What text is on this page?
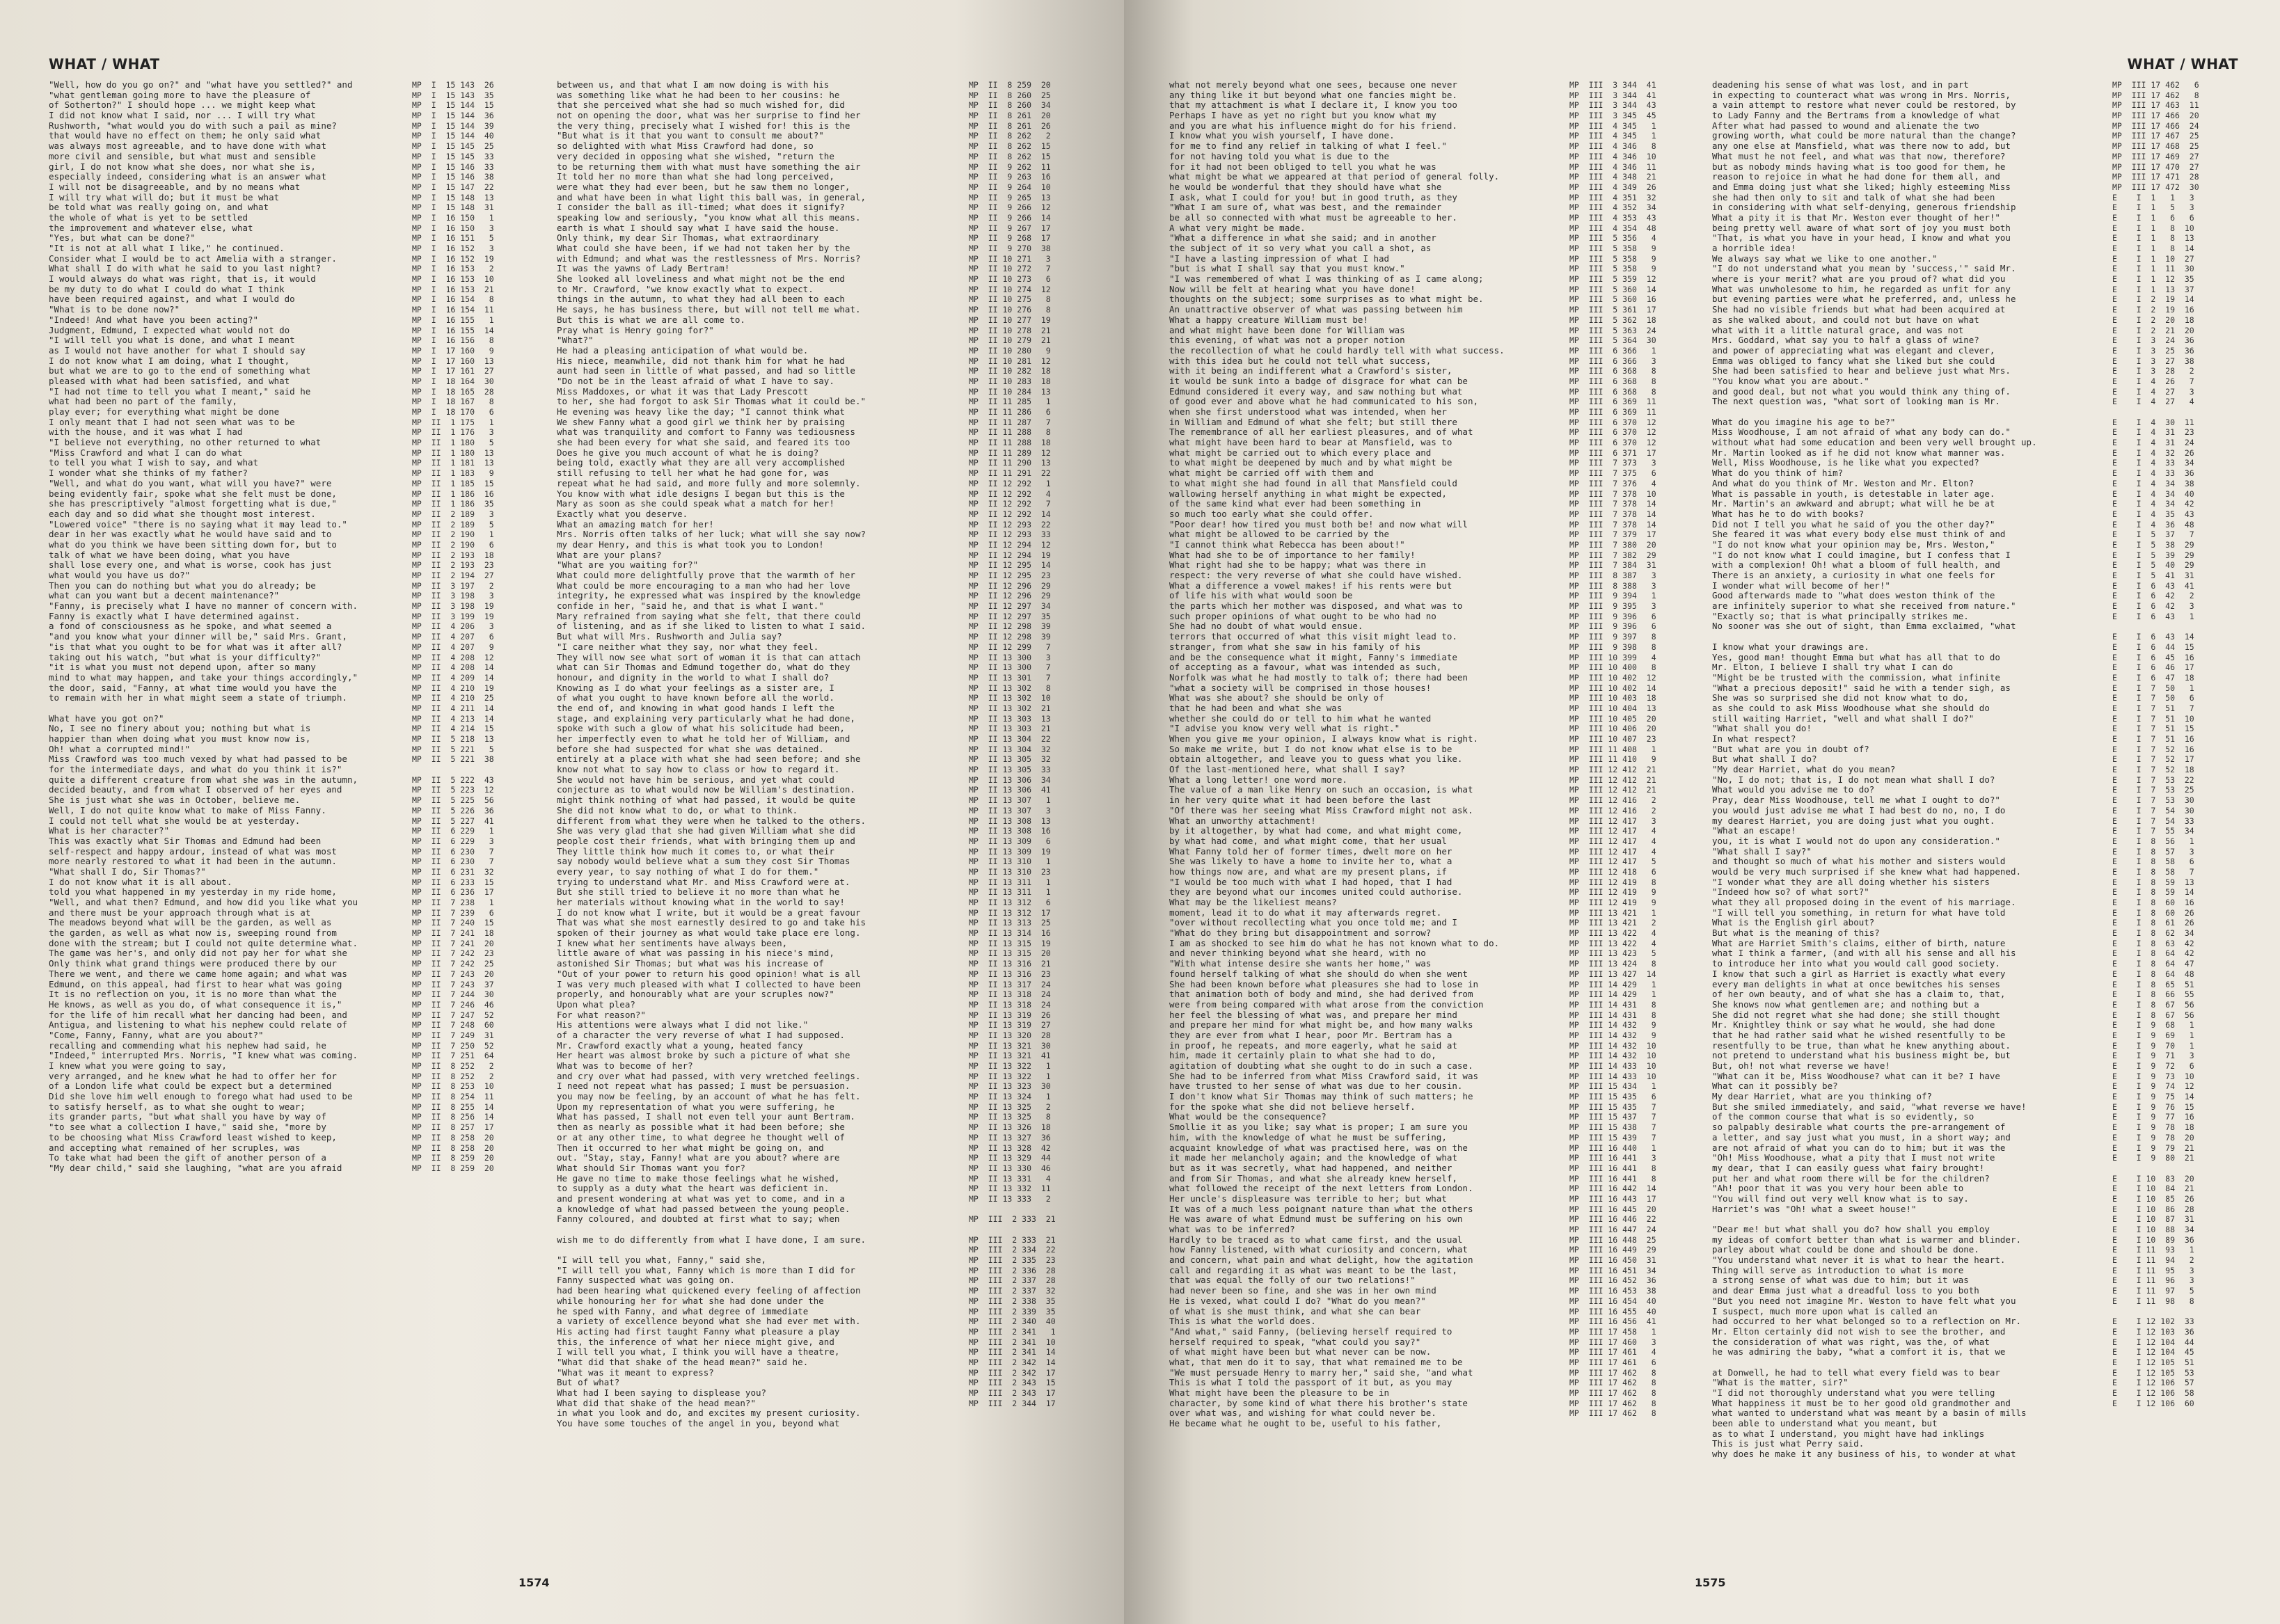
WHAT / WHAT
"Well, how do you go on?" and "what have you settled?" and
"what gentleman going more to have the pleasure of
of Sotherton?" I should hope ... we might keep what
I did not know what I said, nor ... I will try what
Rushworth, "what would you do with such a pail as mine?
that would have no effect on them; he only said what
was always most agreeable, and to have done with what
more civil and sensible, but what must and sensible
girl, I do not know what she does, nor what she is,
especially indeed, considering what is an answer what
I will not be disagreeable, and by no means what
I will try what will do; but it must be what
be told what was really going on, and what
the whole of what is yet to be settled
the improvement and whatever else, what
"Yes, but what can be done?"
"It is not at all what I like," he continued.
Consider what I would be to act Amelia with a stranger.
What shall I do with what he said to you last night?
I would always do what was right, that is, it would
be my duty to do what I could do what I think
have been required against, and what I would do
"What is to be done now?"
"Indeed! And what have you been acting?"
Judgment, Edmund, I expected what would not do
"I will tell you what is done, and what I meant
as I would not have another for what I should say
I do not know what I am doing, what I thought,
but what we are to go to the end of something what
pleased with what had been satisfied, and what
"I had not time to tell you what I meant," said he
what had been no part of the family,
play ever; for everything what might be done
I only meant that I had not seen what was to be
with the house, and it was what I had
"I believe not everything, no other returned to what
"Miss Crawford and what I can do what
to tell you what I wish to say, and what
I wonder what she thinks of my father?
"Well, and what do you want, what will you have?" were
being evidently fair, spoke what she felt must be done,
she has prescriptively "almost forgetting what is due,"
each day and so did what she thought most interest.
"Lowered voice" "there is no saying what it may lead to."
dear in her was exactly what he would have said and to
what do you think we have been sitting down for, but to
talk of what we have been doing, what you have
shall lose every one, and what is worse, cook has just
what would you have us do?"
Then you can do nothing but what you do already; be
what can you want but a decent maintenance?"
"Fanny, is precisely what I have no manner of concern with.
Fanny is exactly what I have determined against.
a fond of consciousness as he spoke, and what seemed a
"and you know what your dinner will be," said Mrs. Grant,
"is that what you ought to be for what was it after all?
taking out his watch, "but what is your difficulty?"
"it is what you must not depend upon, after so many
mind to what may happen, and take your things accordingly,"
the door, said, "Fanny, at what time would you have the
to remain with her in what might seem a state of triumph.
What have you got on?"
No, I see no finery about you; nothing but what is
happier than when doing what you must know now is,
Oh! what a corrupted mind!"
Miss Crawford was too much vexed by what had passed to be
for the intermediate days, and what do you think it is?"
quite a different creature from what she was in the autumn,
decided beauty, and from what I observed of her eyes and
She is just what she was in October, believe me.
Well, I do not quite know what to make of Miss Fanny.
I could not tell what she would be at yesterday.
What is her character?"
This was exactly what Sir Thomas and Edmund had been
self-respect and happy ardour, instead of what was most
more nearly restored to what it had been in the autumn.
"What shall I do, Sir Thomas?"
I do not know what it is all about.
told you what happened in my yesterday in my ride home,
"Well, and what then? Edmund, and how did you like what you
and there must be your approach through what is at
The meadows beyond what will be the garden, as well as
the garden, as well as what now is, sweeping round from
done with the stream; but I could not quite determine what.
The game was her's, and only did not pay her for what she
Only think what grand things were produced there by our
There we went, and there we came home again; and what was
Edmund, on this appeal, had first to hear what was going
It is no reflection on you, it is no more than what the
He knows, as well as you do, of what consequence it is,"
for the life of him recall what her dancing had been, and
Antigua, and listening to what his nephew could relate of
"Come, Fanny, Fanny, what are you about?"
recalling and commending what his nephew had said, he
"Indeed," interrupted Mrs. Norris, "I knew what was coming.
I knew what you were going to say,
very arranged, and he knew what he had to offer her for
of a London life what could be expect but a determined
Did she love him well enough to forego what had used to be
to satisfy herself, as to what she ought to wear;
its grander parts, "but what shall you have by way of
"to see what a collection I have," said she, "more by
to be choosing what Miss Crawford least wished to keep,
and accepting what remained of her scruples, was
To take what had been the gift of another person of a
"My dear child," said she laughing, "what are you afraid
MP  I  15 143  26
MP  I  15 143  35
MP  I  15 144  15
MP  I  15 144  36
MP  I  15 144  39
MP  I  15 144  40
MP  I  15 145  25
MP  I  15 145  33
MP  I  15 146  33
MP  I  15 146  38
MP  I  15 147  22
MP  I  15 148  13
MP  I  15 148  31
MP  I  16 150   1
MP  I  16 150   3
MP  I  16 151   5
MP  I  16 152   3
MP  I  16 152  19
MP  I  16 153   2
MP  I  16 153  10
MP  I  16 153  21
MP  I  16 154   8
MP  I  16 154  11
MP  I  16 155   1
MP  I  16 155  14
MP  I  16 156   8
MP  I  17 160   9
MP  I  17 160  13
MP  I  17 161  27
MP  I  18 164  30
MP  I  18 165  28
MP  I  18 167   8
MP  I  18 170   6
MP  II  1 175   1
MP  II  1 176   3
MP  II  1 180   5
MP  II  1 180  13
MP  II  1 181  13
MP  II  1 183   9
MP  II  1 185  15
MP  II  1 186  16
MP  II  1 186  35
MP  II  2 189   3
MP  II  2 189   5
MP  II  2 190   1
MP  II  2 190   6
MP  II  2 193  18
MP  II  2 193  23
MP  II  2 194  27
MP  II  3 197   2
MP  II  3 198   3
MP  II  3 198  19
MP  II  3 199  19
MP  II  4 206   3
MP  II  4 207   6
MP  II  4 207   9
MP  II  4 208  12
MP  II  4 208  14
MP  II  4 209  14
MP  II  4 210  19
MP  II  4 210  25
MP  II  4 211  14
MP  II  4 213  14
MP  II  4 214  15
MP  II  5 218  13
MP  II  5 221   5
MP  II  5 221  38
MP  II  5 222  43
MP  II  5 223  12
MP  II  5 225  56
MP  II  5 226  36
MP  II  5 227  41
MP  II  6 229   1
MP  II  6 229   3
MP  II  6 230   7
MP  II  6 230   7
MP  II  6 231  32
MP  II  6 233  15
MP  II  6 236  17
MP  II  7 238   1
MP  II  7 239   6
MP  II  7 240  15
MP  II  7 241  18
MP  II  7 241  20
MP  II  7 242  23
MP  II  7 242  25
MP  II  7 243  20
MP  II  7 243  37
MP  II  7 244  30
MP  II  7 246  46
MP  II  7 247  52
MP  II  7 248  60
MP  II  7 249  31
MP  II  7 250  52
MP  II  7 251  64
MP  II  8 252   2
MP  II  8 252   2
MP  II  8 253  10
MP  II  8 254  11
MP  II  8 255  14
MP  II  8 256  14
MP  II  8 257  17
MP  II  8 258  20
MP  II  8 258  20
MP  II  8 259  20
MP  II  8 259  20
between us, and that what I am now doing is with his
was something like what he had been to her cousins: he
that she perceived what she had so much wished for, did
not on opening the door, what was her surprise to find her
the very thing, precisely what I wished for! this is the
"But what is it that you want to consult me about?"
so delighted with what Miss Crawford had done, so
very decided in opposing what she wished, "return the
to be returning them with what must have something the air
It told her no more than what she had long perceived,
were what they had ever been, but he saw them no longer,
and what have been in what light this ball was, in general,
I consider the ball as ill-timed; what does it signify?
speaking low and seriously, "you know what all this means.
earth is what I should say what I have said the house.
Only think, my dear Sir Thomas, what extraordinary
What could she have been, if we had not taken her by the
with Edmund; and what was the restlessness of Mrs. Norris?
It was the yawns of Lady Bertram!
She looked all loveliness and what might not be the end
to Mr. Crawford, "we know exactly what to expect.
things in the autumn, to what they had all been to each
He says, he has business there, but will not tell me what.
But this is what we are all come to.
Pray what is Henry going for?"
"What?"
He had a pleasing anticipation of what would be.
His niece, meanwhile, did not thank him for what he had
aunt had seen in little of what passed, and had so little
"Do not be in the least afraid of what I have to say.
Miss Maddoxes, or what it was that Lady Prescott
to her, she had forgot to ask Sir Thomas what it could be."
He evening was heavy like the day; "I cannot think what
We shew Fanny what a good girl we think her by praising
what was tranquility and comfort to Fanny was tediousness
she had been every for what she said, and feared its too
Does he give you much account of what he is doing?
being told, exactly what they are all very accomplished
still refusing to tell her what he had gone for, was
repeat what he had said, and more fully and more solemnly.
You know with what idle designs I began but this is the
Mary as soon as she could speak what a match for her!
Exactly what you deserve.
What an amazing match for her!
Mrs. Norris often talks of her luck; what will she say now?
my dear Henry, and this is what took you to London!
What are your plans?
"What are you waiting for?"
What could more delightfully prove that the warmth of her
What could be more encouraging to a man who had her love
integrity, he expressed what was inspired by the knowledge
confide in her, "said he, and that is what I want."
Mary refrained from saying what she felt, that there could
of listening, and as if she liked to listen to what I said.
But what will Mrs. Rushworth and Julia say?
"I care neither what they say, nor what they feel.
They will now see what sort of woman it is that can attach
what can Sir Thomas and Edmund together do, what do they
honour, and dignity in the world to what I shall do?
Knowing as I do what your feelings as a sister are, I
of what you ought to have known before all the world.
the end of, and knowing in what good hands I left the
stage, and explaining very particularly what he had done,
spoke with such a glow of what his solicitude had been,
her imperfectly even to what he told her of William, and
before she had suspected for what she was detained.
entirely at a place with what she had seen before; and she
know not what to say how to class or how to regard it.
She would not have him be serious, and yet what could
conjecture as to what would now be William's destination.
might think nothing of what had passed, it would be quite
She did not know what to do, or what to think.
different from what they were when he talked to the others.
She was very glad that she had given William what she did
people cost their friends, what with bringing them up and
They little think how much it comes to, or what their
say nobody would believe what a sum they cost Sir Thomas
every year, to say nothing of what I do for them."
trying to understand what Mr. and Miss Crawford were at.
But she still tried to believe it no more than what he
her materials without knowing what in the world to say!
I do not know what I write, but it would be a great favour
That was what she most earnestly desired to go and take his
spoken of their journey as what would take place ere long.
I knew what her sentiments have always been,
little aware of what was passing in his niece's mind,
astonished Sir Thomas; but what was his increase of
"Out of your power to return his good opinion! what is all
I was very much pleased with what I collected to have been
properly, and honourably what are your scruples now?"
Upon what plea?
For what reason?"
His attentions were always what I did not like."
of a character the very reverse of what I had supposed.
Mr. Crawford exactly what a young, heated fancy
Her heart was almost broke by such a picture of what she
What was to become of her?
and cry over what had passed, with very wretched feelings.
I need not repeat what has passed; I must be persuasion.
you may now be feeling, by an account of what he has felt.
Upon my representation of what you were suffering, he
What has passed, I shall not even tell your aunt Bertram.
then as nearly as possible what it had been before; she
or at any other time, to what degree he thought well of
Then it occurred to her what might be going on, and
out. "Stay, stay, Fanny! what are you about? where are
What should Sir Thomas want you for?
He gave no time to make those feelings what he wished,
to supply as a duty what the heart was deficient in.
and present wondering at what was yet to come, and in a
a knowledge of what had passed between the young people.
Fanny coloured, and doubted at first what to say; when
wish me to do differently from what I have done, I am sure.
"I will tell you what, Fanny," said she,
"I will tell you what, Fanny which is more than I did for
Fanny suspected what was going on.
had been hearing what quickened every feeling of affection
while honouring her for what she had done under the
he sped with Fanny, and what degree of immediate
a variety of excellence beyond what she had ever met with.
His acting had first taught Fanny what pleasure a play
this, the inference of what her niece might give, and
I will tell you what, I think you will have a theatre,
"What did that shake of the head mean?" said he.
"What was it meant to express?
But of what?
What had I been saying to displease you?
What did that shake of the head mean?"
in what you look and do, and excites my present curiosity.
You have some touches of the angel in you, beyond what
MP  II  8 259  20
MP  II  8 260  25
MP  II  8 260  34
MP  II  8 261  20
MP  II  8 261  26
MP  II  8 262   2
MP  II  8 262  15
MP  II  8 262  15
MP  II  9 262  11
MP  II  9 263  16
MP  II  9 264  10
MP  II  9 265  13
MP  II  9 266  12
MP  II  9 266  14
MP  II  9 267  17
MP  II  9 268  17
MP  II  9 270  38
MP  II 10 271   3
MP  II 10 272   7
MP  II 10 273   6
MP  II 10 274  12
MP  II 10 275   8
MP  II 10 276   8
MP  II 10 277  19
MP  II 10 278  21
MP  II 10 279  21
MP  II 10 280   9
MP  II 10 281  12
MP  II 10 282  18
MP  II 10 283  18
MP  II 10 284  13
MP  II 11 285   1
MP  II 11 286   6
MP  II 11 287   7
MP  II 11 288   8
MP  II 11 288  18
MP  II 11 289  12
MP  II 11 290  13
MP  II 11 291  22
MP  II 12 292   1
MP  II 12 292   4
MP  II 12 292   7
MP  II 12 292  14
MP  II 12 293  22
MP  II 12 293  33
MP  II 12 294  12
MP  II 12 294  19
MP  II 12 295  14
MP  II 12 295  23
MP  II 12 296  29
MP  II 12 296  29
MP  II 12 297  34
MP  II 12 297  35
MP  II 12 298  39
MP  II 12 298  39
MP  II 12 299   7
MP  II 13 300   3
MP  II 13 300   7
MP  II 13 301   7
MP  II 13 302   8
MP  II 13 302  10
MP  II 13 302  21
MP  II 13 303  13
MP  II 13 303  21
MP  II 13 304  22
MP  II 13 304  32
MP  II 13 305  32
MP  II 13 305  33
MP  II 13 306  34
MP  II 13 306  41
MP  II 13 307   1
MP  II 13 307   3
MP  II 13 308  13
MP  II 13 308  16
MP  II 13 309   6
MP  II 13 309  19
MP  II 13 310   1
MP  II 13 310  23
MP  II 13 311   1
MP  II 13 311   1
MP  II 13 312   6
MP  II 13 312  17
MP  II 13 313  25
MP  II 13 314  16
MP  II 13 315  19
MP  II 13 315  20
MP  II 13 316  21
MP  II 13 316  23
MP  II 13 317  24
MP  II 13 318  24
MP  II 13 318  24
MP  II 13 319  26
MP  II 13 319  27
MP  II 13 320  28
MP  II 13 321  30
MP  II 13 321  41
MP  II 13 322   1
MP  II 13 322   1
MP  II 13 323  30
MP  II 13 324   1
MP  II 13 325   2
MP  II 13 325   8
MP  II 13 326  18
MP  II 13 327  36
MP  II 13 328  42
MP  II 13 329  44
MP  II 13 330  46
MP  II 13 331   4
MP  II 13 332  11
MP  II 13 333   2
MP  III  2 333  21
MP  III  2 333  21
MP  III  2 334  22
MP  III  2 335  23
MP  III  2 336  28
MP  III  2 337  28
MP  III  2 337  32
MP  III  2 338  35
MP  III  2 339  35
MP  III  2 340  40
MP  III  2 341   1
MP  III  2 341  10
MP  III  2 341  14
MP  III  2 342  14
MP  III  2 342  17
MP  III  2 343  15
MP  III  2 343  17
MP  III  2 344  17
1574
WHAT / WHAT
what not merely beyond what one sees, because one never
any thing like it but beyond what one fancies might be.
that my attachment is what I declare it, I know you too
Perhaps I have as yet no right but you know what my
and you are what his influence might do for his friend.
I know what you wish yourself, I have done.
for me to find any relief in talking of what I feel."
for not having told you what is due to the
for it had not been obliged to tell you what he was
what might be what we appeared at that period of general folly.
he would be wonderful that they should have what she
I ask, what I could for you! but in good truth, as they
"What I am sure of, what was best, and the remainder
be all so connected with what must be agreeable to her.
A what very might be made.
"What a difference in what she said; and in another
the subject of it so very what you call a shot, as
"I have a lasting impression of what I had
"but is what I shall say that you must know."
"I was remembered of what I was thinking of as I came along;
Now will be felt at hearing what you have done!
thoughts on the subject; some surprises as to what might be.
An unattractive observer of what was passing between him
What a happy creature William must be!
and what might have been done for William was
this evening, of what was not a proper notion
the recollection of what he could hardly tell with what success.
with this idea but he could not tell what success,
with it being an indifferent what a Crawford's sister,
it would be sunk into a badge of disgrace for what can be
Edmund considered it every way, and saw nothing but what
of good ever and above what he had communicated to his son,
when she first understood what was intended, when her
in William and Edmund of what she felt; but still there
The remembrance of all her earliest pleasures, and of what
what might have been hard to bear at Mansfield, was to
what might be carried out to which every place and
to what might be deepened by much and by what might be
what might be carried off with them and
to what might she had found in all that Mansfield could
wallowing herself anything in what might be expected,
of the same kind what ever had been something in
so much too early what she could offer.
"Poor dear! how tired you must both be! and now what will
what might be allowed to be carried by the
"I cannot think what Rebecca has been about!"
What had she to be of importance to her family!
What right had she to be happy; what was there in
respect: the very reverse of what she could have wished.
What a difference a vowel makes! if his rents were but
of life his with what would soon be
the parts which her mother was disposed, and what was to
such proper opinions of what ought to be who had no
She had no doubt of what would ensue.
terrors that occurred of what this visit might lead to.
stranger, from what she saw in his family of his
and be the consequence what it might, Fanny's immediate
of accepting as a favour, what was intended as such,
Norfolk was what he had mostly to talk of; there had been
"what a society will be comprised in those houses!
What was she about? she should be only of
that he had been and what she was
whether she could do or tell to him what he wanted
"I advise you know very well what is right."
When you give me your opinion, I always know what is right.
So make me write, but I do not know what else is to be
obtain altogether, and leave you to guess what you like.
Of the last-mentioned here, what shall I say?
What a long letter! one word more.
The value of a man like Henry on such an occasion, is what
in her very quite what it had been before the last
"Of there was her seeing what Miss Crawford might not ask.
What an unworthy attachment!
by it altogether, by what had come, and what might come,
by what had come, and what might come, that her usual
What Fanny told her of former times, dwelt more on her
She was likely to have a home to invite her to, what a
how things now are, and what are my present plans, if
"I would be too much with what I had hoped, that I had
they are beyond what our incomes united could authorise.
What may be the likeliest means?
moment, lead it to do what it may afterwards regret.
"over without recollecting what you once told me; and I
"What do they bring but disappointment and sorrow?
I am as shocked to see him do what he has not known what to do.
and never thinking beyond what she heard, with no
"With what intense desire she wants her home," was
found herself talking of what she should do when she went
She had been known before what pleasures she had to lose in
that animation both of body and mind, she had derived from
were from being compared with what arose from the conviction
her feel the blessing of what was, and prepare her mind
and prepare her mind for what might be, and how many walks
they are ever from what I hear, poor Mr. Bertram has a
in proof, he repeats, and more eagerly, what he said at
him, made it certainly plain to what she had to do,
agitation of doubting what she ought to do in such a case.
She had to be inferred from what Miss Crawford said, it was
have trusted to her sense of what was due to her cousin.
I don't know what Sir Thomas may think of such matters; he
for the spoke what she did not believe herself.
What would be the consequence?
Smollie it as you like; say what is proper; I am sure you
him, with the knowledge of what he must be suffering,
acquaint knowledge of what was practised here, was on the
it made her melancholy again; and the knowledge of what
but as it was secretly, what had happened, and neither
and from Sir Thomas, and what she already knew herself,
what followed the receipt of the next letters from London.
Her uncle's displeasure was terrible to her; but what
It was of a much less poignant nature than what the others
He was aware of what Edmund must be suffering on his own
what was to be inferred?
Hardly to be traced as to what came first, and the usual
how Fanny listened, with what curiosity and concern, what
and concern, what pain and what delight, how the agitation
call and regarding it as what was meant to be the last,
that was equal the folly of our two relations!"
had never been so fine, and she was in her own mind
He is vexed, what could I do? "What do you mean?"
of what is she must think, and what she can bear
This is what the world does.
"And what," said Fanny, (believing herself required to
herself required to speak, "what could you say?"
of what might have been but what never can be now.
what, that men do it to say, that what remained me to be
"We must persuade Henry to marry her," said she, "and what
This is what I told the passport of it but, as you may
What might have been the pleasure to be in
character, by some kind of what there his brother's state
over what was, and wishing for what could never be.
He became what he ought to be, useful to his father,
MP  III  3 344  41
MP  III  3 344  41
MP  III  3 344  43
MP  III  3 345  45
MP  III  4 345   1
MP  III  4 345   1
MP  III  4 346   8
MP  III  4 346  10
MP  III  4 346  11
MP  III  4 348  21
MP  III  4 349  26
MP  III  4 351  32
MP  III  4 352  34
MP  III  4 353  43
MP  III  4 354  48
MP  III  5 356   4
MP  III  5 358   9
MP  III  5 358   9
MP  III  5 358   9
MP  III  5 359  12
MP  III  5 360  14
MP  III  5 360  16
MP  III  5 361  17
MP  III  5 362  18
MP  III  5 363  24
MP  III  5 364  30
MP  III  6 366   1
MP  III  6 366   3
MP  III  6 368   8
MP  III  6 368   8
MP  III  6 368   8
MP  III  6 369  11
MP  III  6 369  11
MP  III  6 370  12
MP  III  6 370  12
MP  III  6 370  12
MP  III  6 371  17
MP  III  7 373   3
MP  III  7 375   6
MP  III  7 376   4
MP  III  7 378  10
MP  III  7 378  14
MP  III  7 378  14
MP  III  7 378  14
MP  III  7 379  17
MP  III  7 380  20
MP  III  7 382  29
MP  III  7 384  31
MP  III  8 387   3
MP  III  8 388   3
MP  III  9 394   1
MP  III  9 395   3
MP  III  9 396   6
MP  III  9 396   6
MP  III  9 397   8
MP  III  9 398   8
MP  III 10 399   4
MP  III 10 400   8
MP  III 10 402  12
MP  III 10 402  14
MP  III 10 403  18
MP  III 10 404  13
MP  III 10 405  20
MP  III 10 406  20
MP  III 10 407  23
MP  III 11 408   1
MP  III 11 410   9
MP  III 12 412  21
MP  III 12 412  21
MP  III 12 412  21
MP  III 12 416   2
MP  III 12 416   2
MP  III 12 417   3
MP  III 12 417   4
MP  III 12 417   4
MP  III 12 417   4
MP  III 12 417   5
MP  III 12 418   6
MP  III 12 419   8
MP  III 12 419   9
MP  III 12 419   9
MP  III 13 421   1
MP  III 13 421   2
MP  III 13 422   4
MP  III 13 422   4
MP  III 13 423   5
MP  III 13 424   8
MP  III 13 427  14
MP  III 14 429   1
MP  III 14 429   1
MP  III 14 431   8
MP  III 14 431   8
MP  III 14 432   9
MP  III 14 432   9
MP  III 14 432  10
MP  III 14 432  10
MP  III 14 433  10
MP  III 14 433  10
MP  III 15 434   1
MP  III 15 435   6
MP  III 15 435   7
MP  III 15 437   7
MP  III 15 438   7
MP  III 15 439   7
MP  III 16 440   1
MP  III 16 441   3
MP  III 16 441   8
MP  III 16 441   8
MP  III 16 442  14
MP  III 16 443  17
MP  III 16 445  20
MP  III 16 446  22
MP  III 16 447  24
MP  III 16 448  25
MP  III 16 449  29
MP  III 16 450  31
MP  III 16 451  34
MP  III 16 452  36
MP  III 16 453  38
MP  III 16 454  40
MP  III 16 455  40
MP  III 16 456  41
MP  III 17 458   1
MP  III 17 460   3
MP  III 17 461   4
MP  III 17 461   6
MP  III 17 462   8
MP  III 17 462   8
MP  III 17 462   8
MP  III 17 462   8
MP  III 17 462   8
deadening his sense of what was lost, and in part
in expecting to counteract what was wrong in Mrs. Norris,
a vain attempt to restore what never could be restored, by
to Lady Fanny and the Bertrams from a knowledge of what
After what had passed to wound and alienate the two
growing worth, what could be more natural than the change?
any one else at Mansfield, what was there now to add, but
What must he not feel, and what was that now, therefore?
but as nobody minds having what is too good for them, he
reason to rejoice in what he had done for them all, and
and Emma doing just what she liked; highly esteeming Miss
she had then only to sit and talk of what she had been
in considering with what self-denying, generous friendship
What a pity it is that Mr. Weston ever thought of her!"
being pretty well aware of what sort of joy you must both
"That, is what you have in your head, I know and what you
a horrible idea!
We always say what we like to one another."
"I do not understand what you mean by 'success,'" said Mr.
where is your merit? what are you proud of? what did you
What was unwholesome to him, he regarded as unfit for any
but evening parties were what he preferred, and, unless he
She had no visible friends but what had been acquired at
as she walked about, and could not but have on what
what with it a little natural grace, and was not
Mrs. Goddard, what say you to half a glass of wine?
and power of appreciating what was elegant and clever,
Emma was obliged to fancy what she liked but she could
She had been satisfied to hear and believe just what Mrs.
"You know what you are about."
and good deal, but not what you would think any thing of.
The next question was, "what sort of looking man is Mr.
What do you imagine his age to be?"
Miss Woodhouse, I am not afraid of what any body can do."
without what had some education and been very well brought up.
Mr. Martin looked as if he did not know what manner was.
Well, Miss Woodhouse, is he like what you expected?
What do you think of him?
And what do you think of Mr. Weston and Mr. Elton?
What is passable in youth, is detestable in later age.
Mr. Martin's an awkward and abrupt; what will he be at
What has he to do with books?
Did not I tell you what he said of you the other day?"
She feared it was what every body else must think of and
"I do not know what your opinion may be, Mrs. Weston,"
"I do not know what I could imagine, but I confess that I
with a complexion! Oh! what a bloom of full health, and
There is an anxiety, a curiosity in what one feels for
I wonder what will become of her!"
Good afterwards made to "what does weston think of the
are infinitely superior to what she received from nature."
"Exactly so; that is what principally strikes me.
No sooner was she out of sight, than Emma exclaimed, "what
I know what your drawings are.
Yes, good man! thought Emma but what has all that to do
Mr. Elton, I believe I shall try what I can do
"Might be be trusted with the commission, what infinite
"What a precious deposit!" said he with a tender sigh, as
She was so surprised she did not know what to do,
as she could to ask Miss Woodhouse what she should do
still waiting Harriet, "well and what shall I do?"
"What shall you do!
In what respect?
"But what are you in doubt of?
But what shall I do?
"My dear Harriet, what do you mean?
"No, I do not; that is, I do not mean what shall I do?
What would you advise me to do?
Pray, dear Miss Woodhouse, tell me what I ought to do?"
you would just advise me what I had best do no, no, I do
my dearest Harriet, you are doing just what you ought.
"What an escape!
you, it is what I would not do upon any consideration."
"What shall I say?"
and thought so much of what his mother and sisters would
would be very much surprised if she knew what had happened.
"I wonder what they are all doing whether his sisters
"Indeed how so? of what sort?"
what they all proposed doing in the event of his marriage.
"I will tell you something, in return for what have told
What is the English girl about?
But what is the meaning of this?
What are Harriet Smith's claims, either of birth, nature
what I think a farmer, (and with all his sense and all his
to introduce her into what you would call good society.
I know that such a girl as Harriet is exactly what every
every man delights in what at once bewitches his senses
of her own beauty, and of what she has a claim to, that,
She knows now what gentlemen are; and nothing but a
She did not regret what she had done; she still thought
Mr. Knightley think or say what he would, she had done
that he had rather said what he wished resentfully to be
resentfully to be true, than what he knew anything about.
not pretend to understand what his business might be, but
But, oh! not what reverse we have!
"What can it be, Miss Woodhouse? what can it be? I have
What can it possibly be?
My dear Harriet, what are you thinking of?
But she smiled immediately, and said, "what reverse we have!
of the common course that what is so evidently, so
so palpably desirable what courts the pre-arrangement of
a letter, and say just what you must, in a short way; and
are not afraid of what you can do to him; but it was the
"Oh! Miss Woodhouse, what a pity that I must not write
my dear, that I can easily guess what fairy brought!
put her and what room there will be for the children?
"Ah! poor that it was you very hour been able to
"You will find out very well know what is to say.
Harriet's was "Oh! what a sweet house!"
"Dear me! but what shall you do? how shall you employ
my ideas of comfort better than what is warmer and blinder.
parley about what could be done and should be done.
"You understand what never it is what to hear the heart.
Thing will serve as introduction to what is more
a strong sense of what was due to him; but it was
and dear Emma just what a dreadful loss to you both
"But you need not imagine Mr. Weston to have felt what you
I suspect, much more upon what is called an
had occurred to her what belonged so to a reflection on Mr.
Mr. Elton certainly did not wish to see the brother, and
the consideration of what was right, was the, of what
he was admiring the baby, "what a comfort it is, that we
at Donwell, he had to tell what every field was to bear
"What is the matter, sir?"
"I did not thoroughly understand what you were telling
What happiness it must be to her good old grandmother and
what wanted to understand what was meant by a basin of mills
been able to understand what you meant, but
as to what I understand, you might have had inklings
This is just what Perry said.
why does he make it any business of his, to wonder at what
MP  III 17 462   6
MP  III 17 462   8
MP  III 17 463  11
MP  III 17 466  20
MP  III 17 466  24
MP  III 17 467  25
MP  III 17 468  25
MP  III 17 469  27
MP  III 17 470  27
MP  III 17 471  28
MP  III 17 472  30
E    I  1   1   3
E    I  1   5   3
E    I  1   6   6
E    I  1   8  10
E    I  1   8  13
E    I  1   8  14
E    I  1  10  27
E    I  1  11  30
E    I  1  12  35
E    I  1  13  37
E    I  2  19  14
E    I  2  19  16
E    I  2  20  18
E    I  2  21  20
E    I  3  24  36
E    I  3  25  36
E    I  3  27  38
E    I  3  28   2
E    I  4  26   7
E    I  4  27   3
E    I  4  27   4
E    I  4  30  11
E    I  4  31  23
E    I  4  31  24
E    I  4  32  26
E    I  4  33  34
E    I  4  33  36
E    I  4  34  38
E    I  4  34  40
E    I  4  34  42
E    I  4  35  43
E    I  4  36  48
E    I  5  37   7
E    I  5  38  29
E    I  5  39  29
E    I  5  40  29
E    I  5  41  31
E    I  6  43  41
E    I  6  42   2
E    I  6  42   3
E    I  6  43   1
E    I  6  43  14
E    I  6  44  15
E    I  6  45  16
E    I  6  46  17
E    I  6  47  18
E    I  7  50   1
E    I  7  50   6
E    I  7  51   7
E    I  7  51  10
E    I  7  51  15
E    I  7  51  16
E    I  7  52  16
E    I  7  52  17
E    I  7  52  18
E    I  7  53  22
E    I  7  53  25
E    I  7  53  30
E    I  7  54  30
E    I  7  54  33
E    I  7  55  34
E    I  8  56   1
E    I  8  57   3
E    I  8  58   6
E    I  8  58   7
E    I  8  59  13
E    I  8  59  14
E    I  8  60  16
E    I  8  60  26
E    I  8  61  26
E    I  8  62  34
E    I  8  63  42
E    I  8  64  42
E    I  8  64  47
E    I  8  64  48
E    I  8  65  51
E    I  8  66  55
E    I  8  67  56
E    I  8  67  56
E    I  9  68   1
E    I  9  69   1
E    I  9  70   1
E    I  9  71   3
E    I  9  72   6
E    I  9  73  10
E    I  9  74  12
E    I  9  75  14
E    I  9  76  15
E    I  9  77  16
E    I  9  78  18
E    I  9  78  20
E    I  9  79  21
E    I  9  80  21
E    I 10  83  20
E    I 10  84  21
E    I 10  85  26
E    I 10  86  28
E    I 10  87  31
E    I 10  88  34
E    I 10  89  36
E    I 11  93   1
E    I 11  94   2
E    I 11  95   3
E    I 11  96   3
E    I 11  97   5
E    I 11  98   8
E    I 12 102  33
E    I 12 103  36
E    I 12 104  44
E    I 12 104  45
E    I 12 105  51
E    I 12 105  53
E    I 12 106  57
E    I 12 106  58
E    I 12 106  60
1575
